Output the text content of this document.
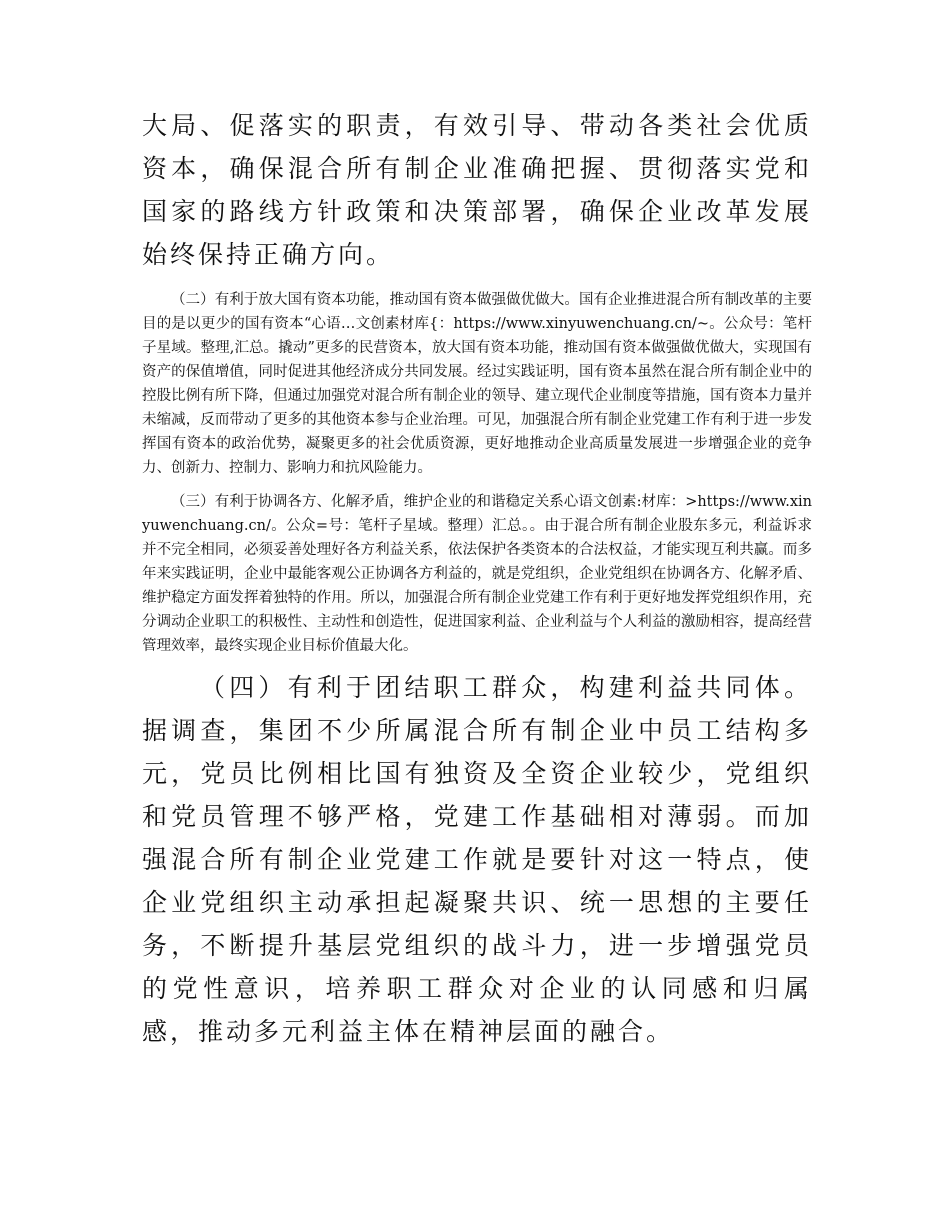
大局、促落实的职责，有效引导、带动各类社会优质资本，确保混合所有制企业准确把握、贯彻落实党和国家的路线方针政策和决策部署，确保企业改革发展始终保持正确方向。

（二）有利于放大国有资本功能，推动国有资本做强做优做大。国有企业推进混合所有制改革的主要目的是以更少的国有资本“心语…文创素材库{：https://www.xinyuwenchuang.cn/~。公众号：笔杆子星域。整理,汇总。撬动”更多的民营资本，放大国有资本功能，推动国有资本做强做优做大，实现国有资产的保值增值，同时促进其他经济成分共同发展。经过实践证明，国有资本虽然在混合所有制企业中的控股比例有所下降，但通过加强党对混合所有制企业的领导、建立现代企业制度等措施，国有资本力量并未缩减，反而带动了更多的其他资本参与企业治理。可见，加强混合所有制企业党建工作有利于进一步发挥国有资本的政治优势，凝聚更多的社会优质资源，更好地推动企业高质量发展进一步增强企业的竞争力、创新力、控制力、影响力和抗风险能力。

（三）有利于协调各方、化解矛盾，维护企业的和谐稳定关系心语文创素:材库：>https://www.xinyuwenchuang.cn/。公众=号：笔杆子星域。整理）汇总。。由于混合所有制企业股东多元，利益诉求并不完全相同，必须妥善处理好各方利益关系，依法保护各类资本的合法权益，才能实现互利共赢。而多年来实践证明，企业中最能客观公正协调各方利益的，就是党组织，企业党组织在协调各方、化解矛盾、维护稳定方面发挥着独特的作用。所以，加强混合所有制企业党建工作有利于更好地发挥党组织作用，充分调动企业职工的积极性、主动性和创造性，促进国家利益、企业利益与个人利益的激励相容，提高经营管理效率，最终实现企业目标价值最大化。

（四）有利于团结职工群众，构建利益共同体。据调查，集团不少所属混合所有制企业中员工结构多元，党员比例相比国有独资及全资企业较少，党组织和党员管理不够严格，党建工作基础相对薄弱。而加强混合所有制企业党建工作就是要针对这一特点，使企业党组织主动承担起凝聚共识、统一思想的主要任务，不断提升基层党组织的战斗力，进一步增强党员的党性意识，培养职工群众对企业的认同感和归属感，推动多元利益主体在精神层面的融合。
